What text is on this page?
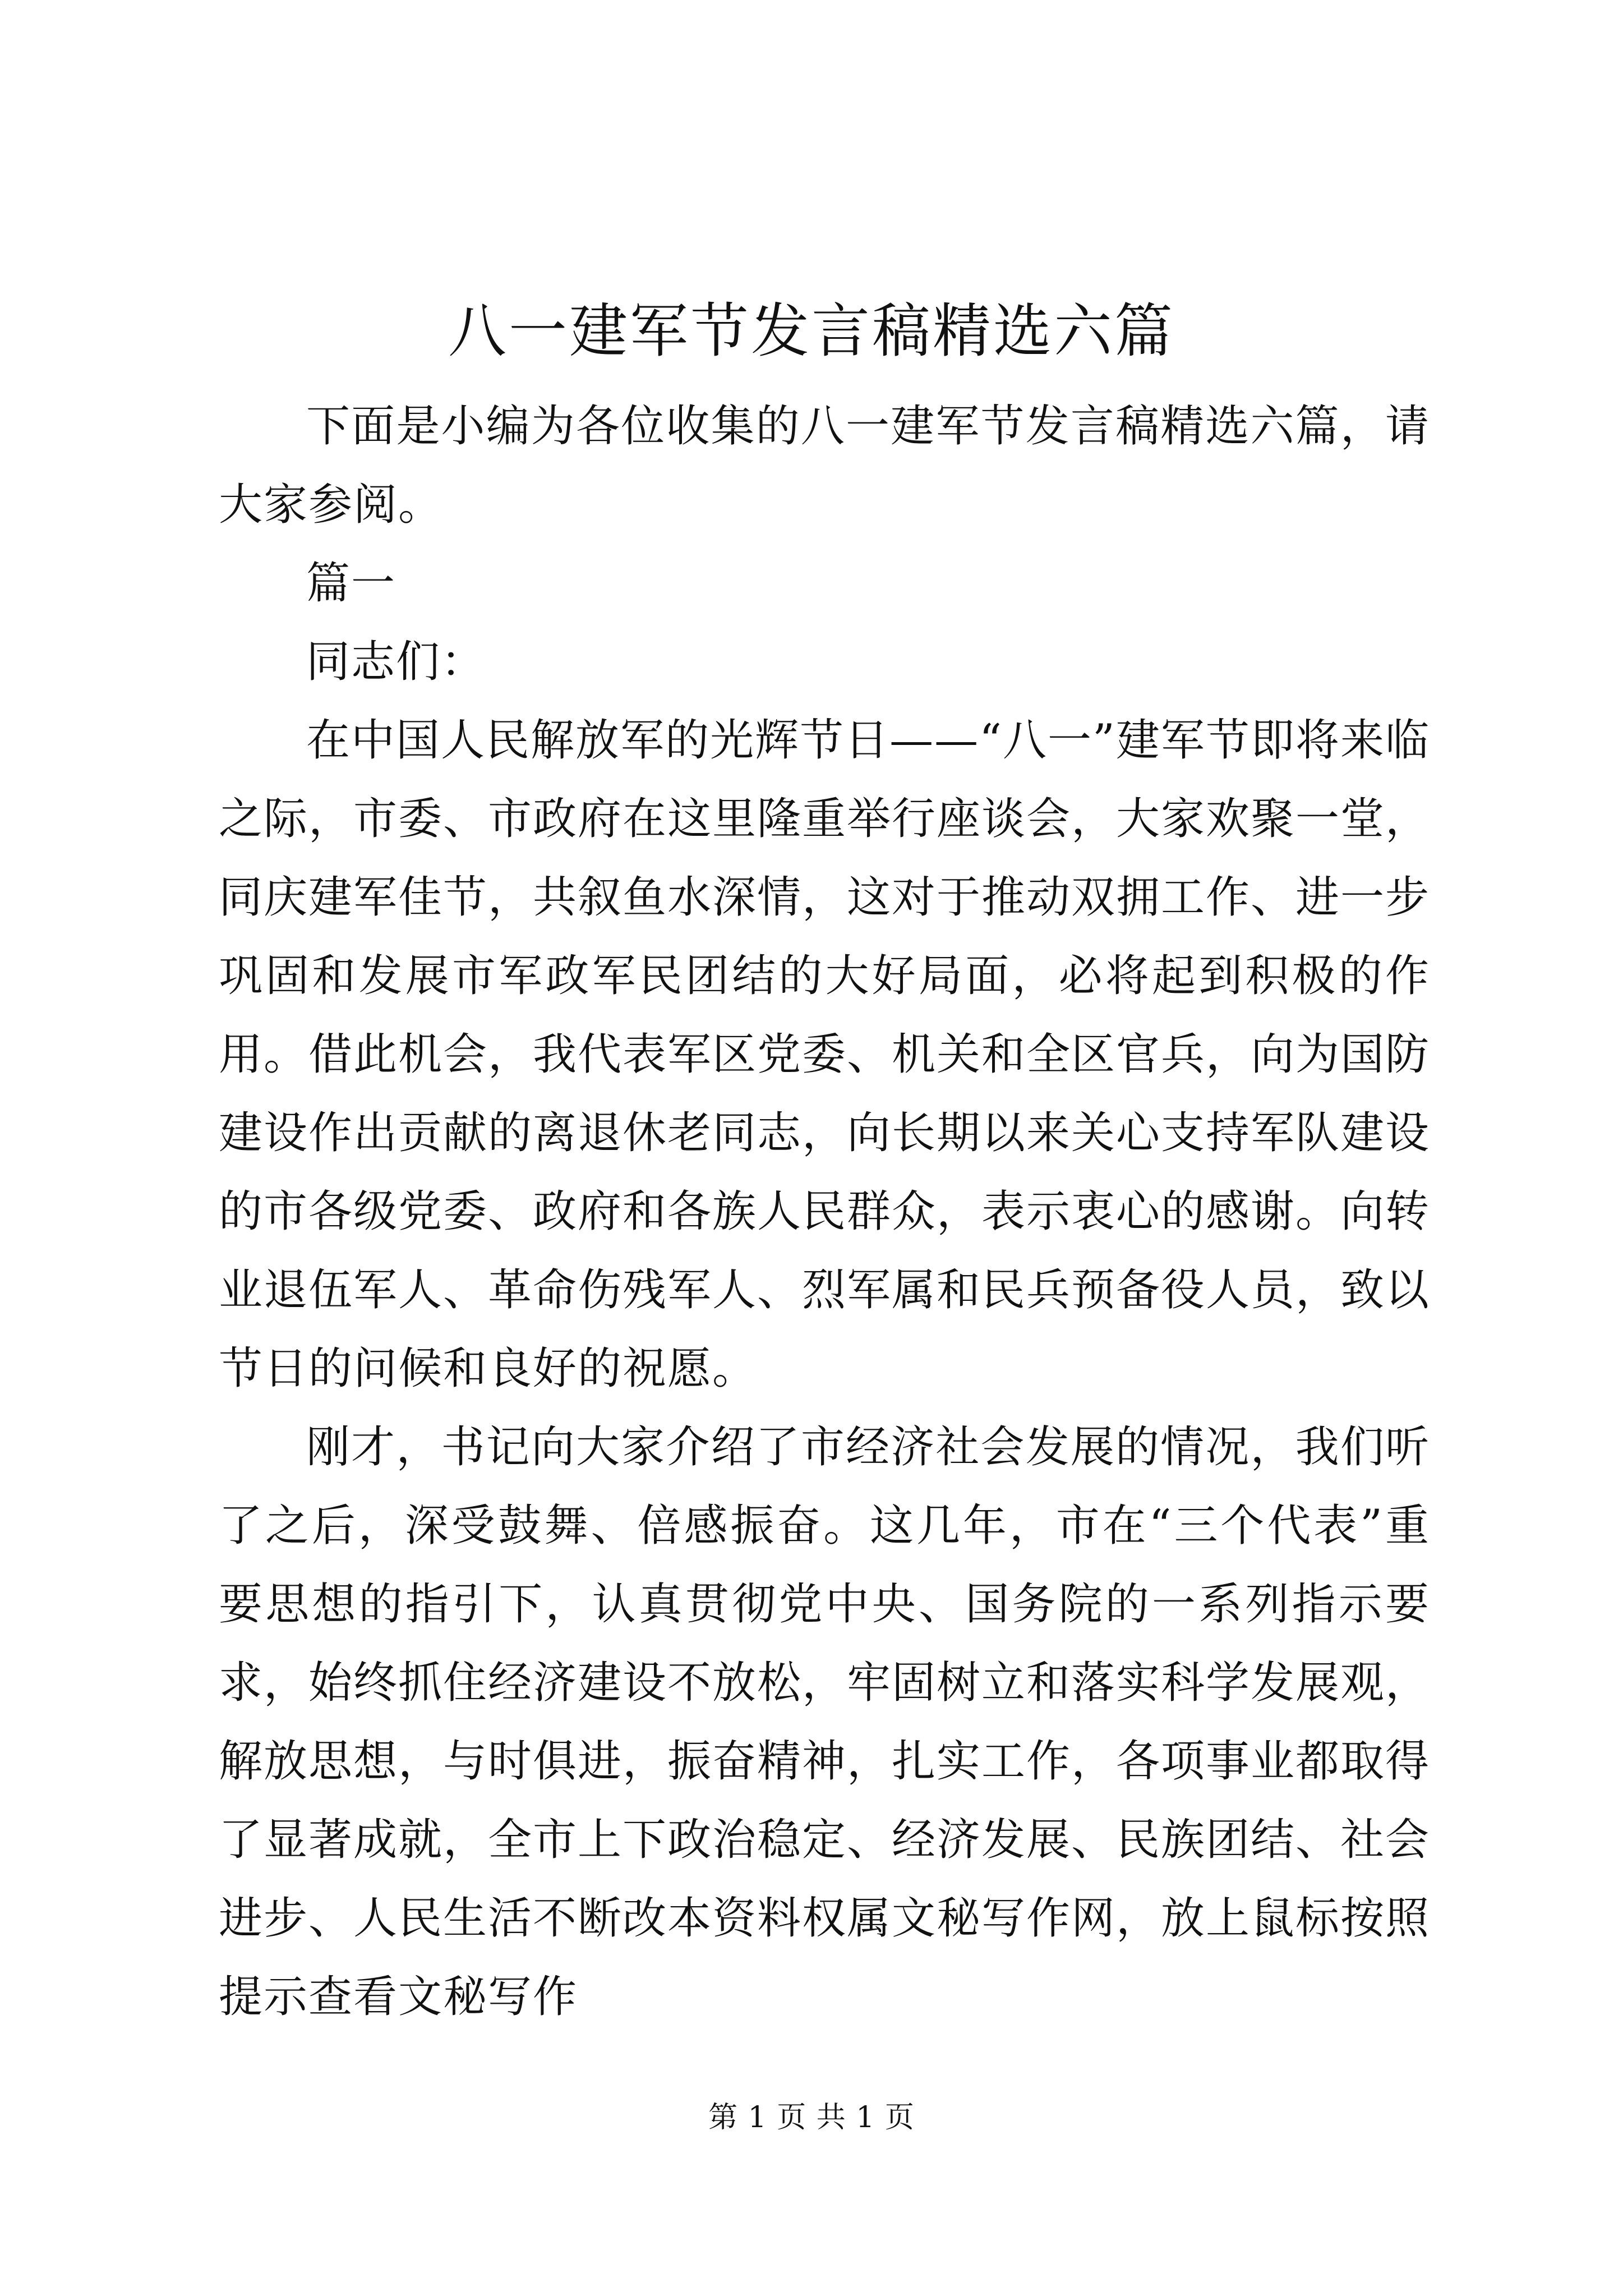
八一建军节发言稿精选六篇

下面是小编为各位收集的八一建军节发言稿精选六篇，请大家参阅。

篇一

同志们：

在中国人民解放军的光辉节日——“八一”建军节即将来临之际，市委、市政府在这里隆重举行座谈会，大家欢聚一堂，同庆建军佳节，共叙鱼水深情，这对于推动双拥工作、进一步巩固和发展市军政军民团结的大好局面，必将起到积极的作用。借此机会，我代表军区党委、机关和全区官兵，向为国防建设作出贡献的离退休老同志，向长期以来关心支持军队建设的市各级党委、政府和各族人民群众，表示衷心的感谢。向转业退伍军人、革命伤残军人、烈军属和民兵预备役人员，致以节日的问候和良好的祝愿。

刚才，书记向大家介绍了市经济社会发展的情况，我们听了之后，深受鼓舞、倍感振奋。这几年，市在“三个代表”重要思想的指引下，认真贯彻党中央、国务院的一系列指示要求，始终抓住经济建设不放松，牢固树立和落实科学发展观，解放思想，与时俱进，振奋精神，扎实工作，各项事业都取得了显著成就，全市上下政治稳定、经济发展、民族团结、社会进步、人民生活不断改本资料权属文秘写作网，放上鼠标按照提示查看文秘写作

第 1 页 共 1 页
